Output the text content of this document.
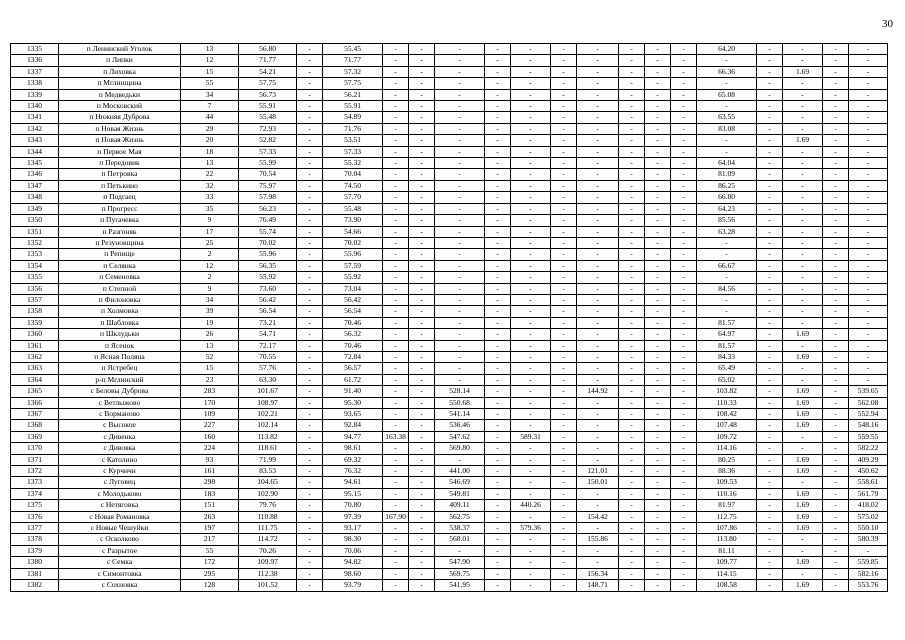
30
1335	п Ленинский Уголок	13	56.80	-	55.45	-	-	-	-	-	-	-	-	-	-	64.20	-	-	-	-
1336	п Липки	12	71.77	-	71.77	-	-	-	-	-	-	-	-	-	-	-	-	-	-	-
1337	п Лиховка	15	54.21	-	57.32	-	-	-	-	-	-	-	-	-	-	66.36	-	1.69	-	-
1338	п Мглинщина	55	57.75	-	57.75	-	-	-	-	-	-	-	-	-	-	-	-	-	-	-
1339	п Медведьки	34	56.73	-	56.21	-	-	-	-	-	-	-	-	-	-	65.08	-	-	-	-
1340	п Московский	7	55.91	-	55.91	-	-	-	-	-	-	-	-	-	-	-	-	-	-	-
1341	п Нижняя Дуброва	44	55.48	-	54.89	-	-	-	-	-	-	-	-	-	-	63.55	-	-	-	-
1342	п Новая Жизнь	29	72.93	-	71.76	-	-	-	-	-	-	-	-	-	-	83.08	-	-	-	-
1343	п Новая Жизнь	20	52.82	-	53.51	-	-	-	-	-	-	-	-	-	-	-	-	1.69	-	-
1344	п Первое Мая	18	57.33	-	57.33	-	-	-	-	-	-	-	-	-	-	-	-	-	-	-
1345	п Передовик	13	55.99	-	55.32	-	-	-	-	-	-	-	-	-	-	64.04	-	-	-	-
1346	п Петровка	22	70.54	-	70.04	-	-	-	-	-	-	-	-	-	-	81.09	-	-	-	-
1347	п Петькино	32	75.97	-	74.50	-	-	-	-	-	-	-	-	-	-	86.25	-	-	-	-
1348	п Подгаец	33	57.98	-	57.70	-	-	-	-	-	-	-	-	-	-	66.80	-	-	-	-
1349	п Прогресс	35	56.23	-	55.48	-	-	-	-	-	-	-	-	-	-	64.23	-	-	-	-
1350	п Пугачевка	9	76.49	-	73.90	-	-	-	-	-	-	-	-	-	-	85.56	-	-	-	-
1351	п Разгоняк	17	55.74	-	54.66	-	-	-	-	-	-	-	-	-	-	63.28	-	-	-	-
1352	п Резуновщина	25	70.02	-	70.02	-	-	-	-	-	-	-	-	-	-	-	-	-	-	-
1353	п Репище	2	55.96	-	55.96	-	-	-	-	-	-	-	-	-	-	-	-	-	-	-
1354	п Селянка	12	56.35	-	57.59	-	-	-	-	-	-	-	-	-	-	66.67	-	-	-	-
1355	п Семеновка	2	55.92	-	55.92	-	-	-	-	-	-	-	-	-	-	-	-	-	-	-
1356	п Степной	9	73.60	-	73.04	-	-	-	-	-	-	-	-	-	-	84.56	-	-	-	-
1357	п Филоновка	34	56.42	-	56.42	-	-	-	-	-	-	-	-	-	-	-	-	-	-	-
1358	п Холмовка	39	56.54	-	56.54	-	-	-	-	-	-	-	-	-	-	-	-	-	-	-
1359	п Шабловка	19	73.21	-	70.46	-	-	-	-	-	-	-	-	-	-	81.57	-	-	-	-
1360	п Шклудьки	26	54.71	-	56.32	-	-	-	-	-	-	-	-	-	-	64.97	-	1.69	-	-
1361	п Ясенок	13	72.17	-	70.46	-	-	-	-	-	-	-	-	-	-	81.57	-	-	-	-
1362	п Ясная Поляна	52	70.55	-	72.84	-	-	-	-	-	-	-	-	-	-	84.33	-	1.69	-	-
1363	п Ястребец	15	57.76	-	56.57	-	-	-	-	-	-	-	-	-	-	65.49	-	-	-	-
1364	р-п Мглинский	23	63.30	-	61.72	-	-	-	-	-	-	-	-	-	-	65.02	-	-	-	-
1365	с Беловы Дуброва	283	101.67	-	91.40	-	-	528.14	-	-	-	144.92	-	-	-	103.82	-	1.69	-	539.65
1366	с Ветлыжово	170	108.97	-	95.30	-	-	550.68	-	-	-	-	-	-	-	110.33	-	1.69	-	562.08
1367	с Ворманово	109	102.21	-	93.65	-	-	541.14	-	-	-	-	-	-	-	108.42	-	1.69	-	552.94
1368	с Высокое	227	102.14	-	92.84	-	-	536.46	-	-	-	-	-	-	-	107.48	-	1.69	-	548.16
1369	с Дивенка	160	113.82	-	94.77	163.38	-	547.62	-	589.31	-	-	-	-	-	109.72	-	-	-	559.55
1370	с Дивовка	224	118.61	-	98.61	-	-	569.80	-	-	-	-	-	-	-	114.16	-	-	-	582.22
1371	с Католино	93	71.99	-	69.32	-	-	-	-	-	-	-	-	-	-	80.25	-	1.69	-	409.29
1372	с Курчичи	161	83.53	-	76.32	-	-	441.00	-	-	-	121.01	-	-	-	88.36	-	1.69	-	450.62
1373	с Луговец	298	104.65	-	94.61	-	-	546.69	-	-	-	150.01	-	-	-	109.53	-	-	-	558.61
1374	с Молодьково	183	102.90	-	95.15	-	-	549.81	-	-	-	-	-	-	-	110.16	-	1.69	-	561.79
1375	с Нетяговка	151	79.76	-	70.80	-	-	409.11	-	440.26	-	-	-	-	-	81.97	-	1.69	-	418.02
1376	с Новая Романовка	263	110.88	-	97.39	167.90	-	562.75	-	-	-	154.42	-	-	-	112.75	-	1.69	-	575.02
1377	с Новые Чешуйки	197	111.75	-	93.17	-	-	538.37	-	579.36	-	-	-	-	-	107.86	-	1.69	-	550.10
1378	с Осколково	217	114.72	-	98.30	-	-	568.01	-	-	-	155.86	-	-	-	113.80	-	-	-	580.39
1379	с Разрытое	55	70.26	-	70.06	-	-	-	-	-	-	-	-	-	-	81.11	-	-	-	-
1380	с Семка	172	109.97	-	94.82	-	-	547.90	-	-	-	-	-	-	-	109.77	-	1.69	-	559.85
1381	с Симонтовка	295	112.38	-	98.60	-	-	569.75	-	-	-	156.34	-	-	-	114.15	-	-	-	582.16
1382	с Сохновка	128	101.52	-	93.79	-	-	541.95	-	-	-	148.71	-	-	-	108.58	-	1.69	-	553.76
